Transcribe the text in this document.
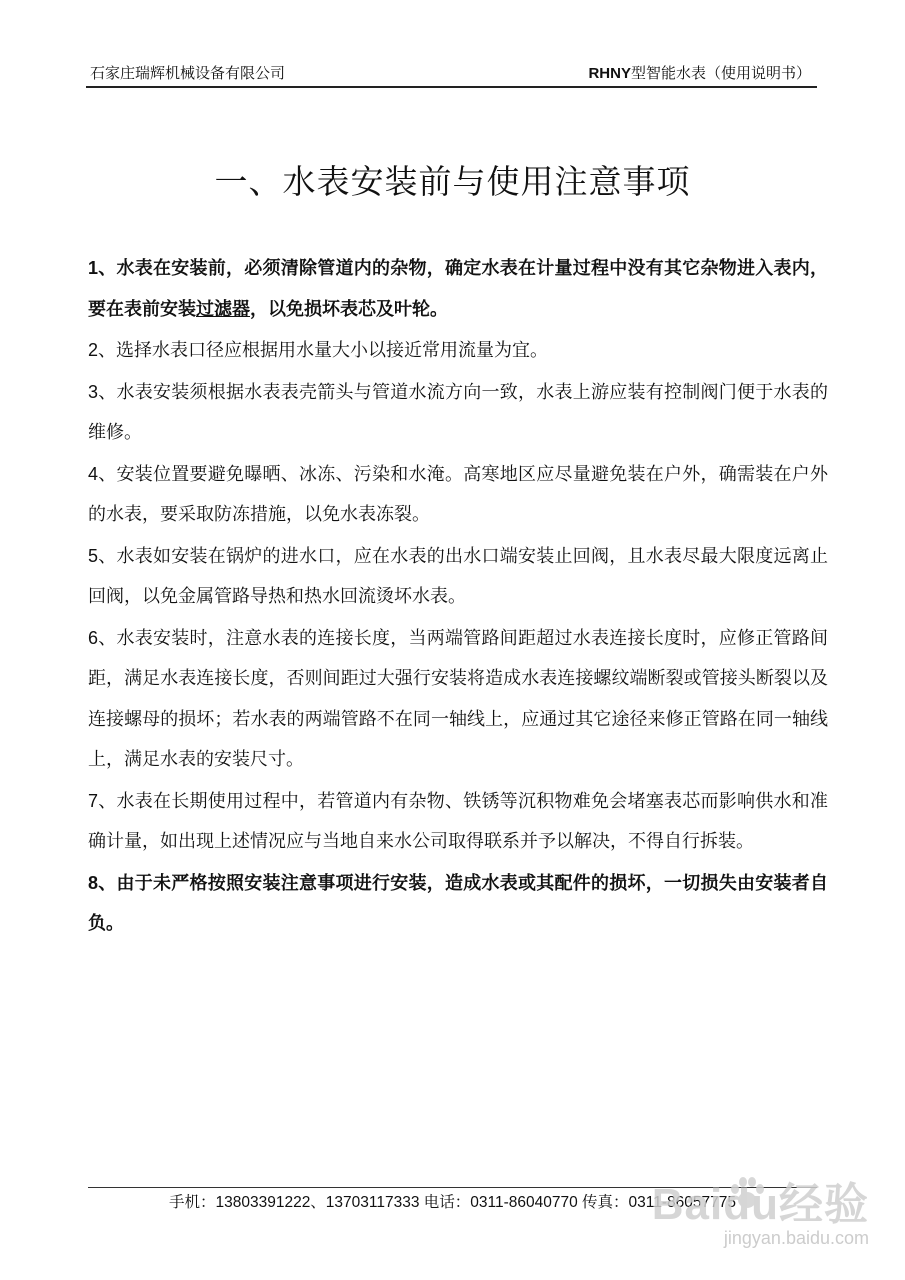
石家庄瑞辉机械设备有限公司	RHNY型智能水表（使用说明书）
一、水表安装前与使用注意事项

1、水表在安装前，必须清除管道内的杂物，确定水表在计量过程中没有其它杂物进入表内，要在表前安装过滤器，以免损坏表芯及叶轮。

2、选择水表口径应根据用水量大小以接近常用流量为宜。

3、水表安装须根据水表表壳箭头与管道水流方向一致，水表上游应装有控制阀门便于水表的维修。

4、安装位置要避免曝晒、冰冻、污染和水淹。高寒地区应尽量避免装在户外，确需装在户外的水表，要采取防冻措施，以免水表冻裂。

5、水表如安装在锅炉的进水口，应在水表的出水口端安装止回阀，且水表尽最大限度远离止回阀，以免金属管路导热和热水回流烫坏水表。

6、水表安装时，注意水表的连接长度，当两端管路间距超过水表连接长度时，应修正管路间距，满足水表连接长度，否则间距过大强行安装将造成水表连接螺纹端断裂或管接头断裂以及连接螺母的损坏；若水表的两端管路不在同一轴线上，应通过其它途径来修正管路在同一轴线上，满足水表的安装尺寸。

7、水表在长期使用过程中，若管道内有杂物、铁锈等沉积物难免会堵塞表芯而影响供水和准确计量，如出现上述情况应与当地自来水公司取得联系并予以解决，不得自行拆装。

8、由于未严格按照安装注意事项进行安装，造成水表或其配件的损坏，一切损失由安装者自负。

手机：13803391222、13703117333 电话：0311-86040770 传真：0311-86057775
Baidu经验
jingyan.baidu.com
